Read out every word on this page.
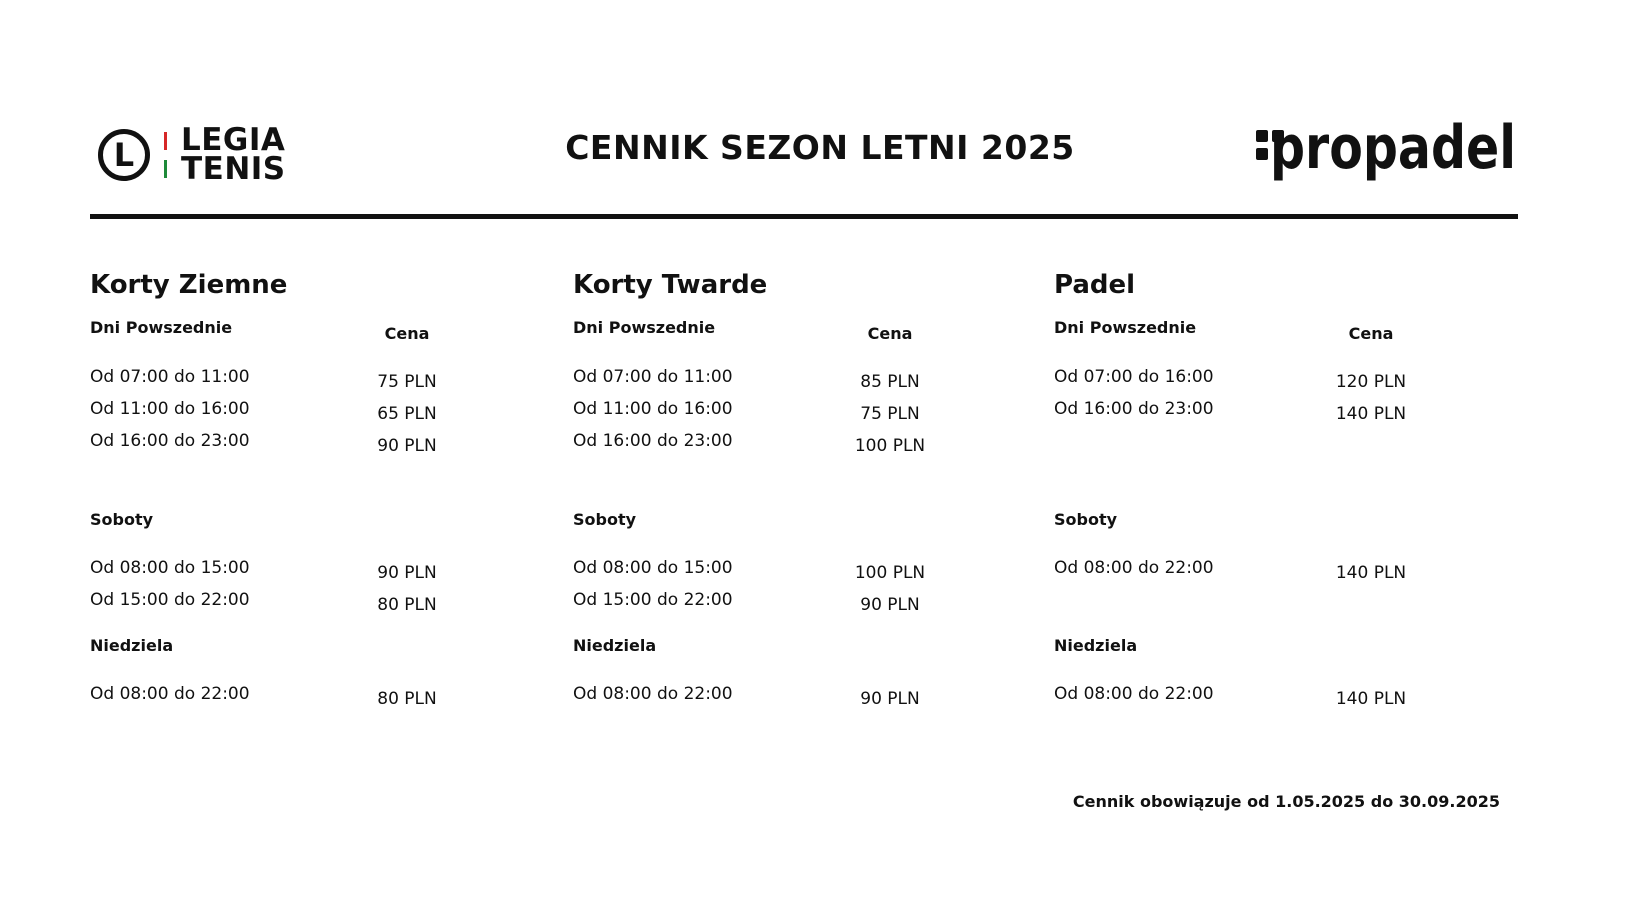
L	LEGIA
TENIS
CENNIK SEZON LETNI 2025	propadel
Korty Ziemne
Dni Powszednie	Cena
Od 07:00 do 11:00	75 PLN
Od 11:00 do 16:00	65 PLN
Od 16:00 do 23:00	90 PLN
Soboty
Od 08:00 do 15:00	90 PLN
Od 15:00 do 22:00	80 PLN
Niedziela
Od 08:00 do 22:00	80 PLN
Korty Twarde
Dni Powszednie	Cena
Od 07:00 do 11:00	85 PLN
Od 11:00 do 16:00	75 PLN
Od 16:00 do 23:00	100 PLN
Soboty
Od 08:00 do 15:00	100 PLN
Od 15:00 do 22:00	90 PLN
Niedziela
Od 08:00 do 22:00	90 PLN
Padel
Dni Powszednie	Cena
Od 07:00 do 16:00	120 PLN
Od 16:00 do 23:00	140 PLN
Soboty
Od 08:00 do 22:00	140 PLN
Niedziela
Od 08:00 do 22:00	140 PLN
Cennik obowiązuje od 1.05.2025 do 30.09.2025
